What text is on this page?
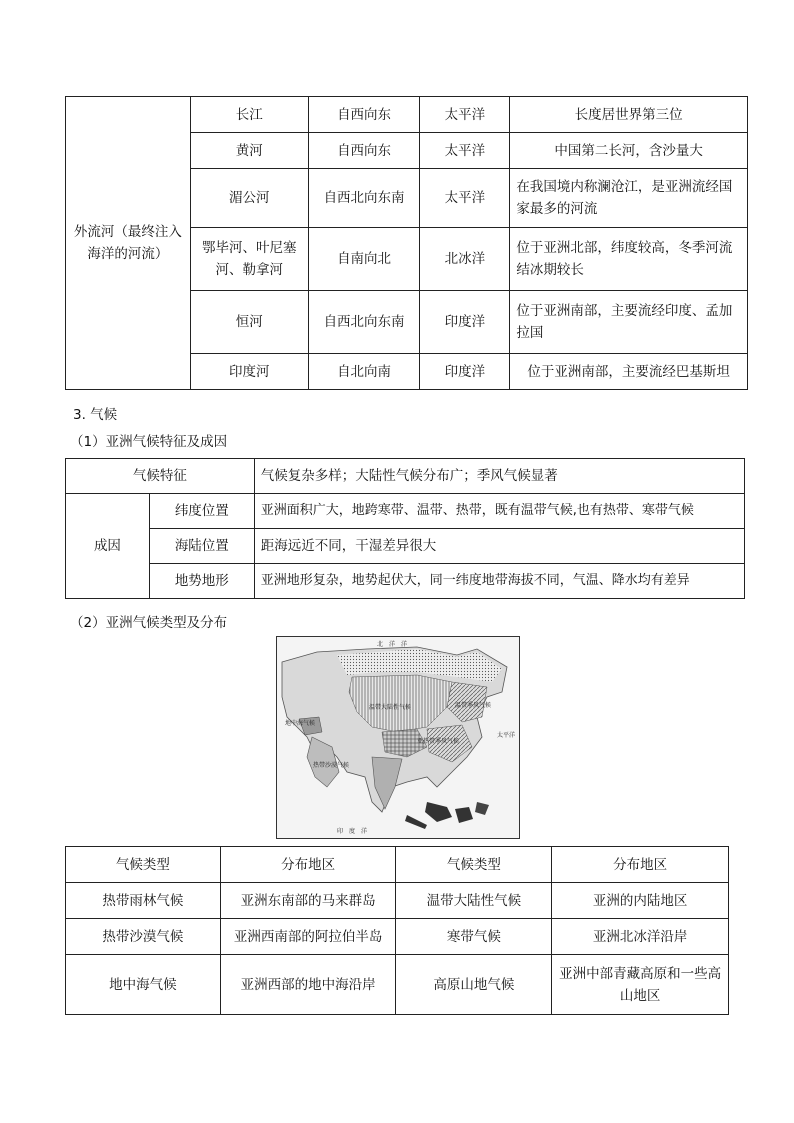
外流河（最终注入海洋的河流）	长江	自西向东	太平洋	长度居世界第三位
	黄河	自西向东	太平洋	中国第二长河，含沙量大
	湄公河	自西北向东南	太平洋	在我国境内称澜沧江，是亚洲流经国家最多的河流
	鄂毕河、叶尼塞河、勒拿河	自南向北	北冰洋	位于亚洲北部，纬度较高，冬季河流结冰期较长
	恒河	自西北向东南	印度洋	位于亚洲南部，主要流经印度、孟加拉国
	印度河	自北向南	印度洋	位于亚洲南部，主要流经巴基斯坦
3. 气候
（1）亚洲气候特征及成因
气候特征		气候复杂多样；大陆性气候分布广；季风气候显著
成因	纬度位置	亚洲面积广大，地跨寒带、温带、热带，既有温带气候,也有热带、寒带气候
	海陆位置	距海远近不同，干湿差异很大
	地势地形	亚洲地形复杂，地势起伏大，同一纬度地带海拔不同，气温、降水均有差异
（2）亚洲气候类型及分布
北　洋　洋
地中海气候
温带大陆性气候	温带季风气候
亚热带季风气候
热带沙漠气候
太平洋
印　度　洋
气候类型	分布地区	气候类型	分布地区
热带雨林气候	亚洲东南部的马来群岛	温带大陆性气候	亚洲的内陆地区
热带沙漠气候	亚洲西南部的阿拉伯半岛	寒带气候	亚洲北冰洋沿岸
地中海气候	亚洲西部的地中海沿岸	高原山地气候	亚洲中部青藏高原和一些高山地区
